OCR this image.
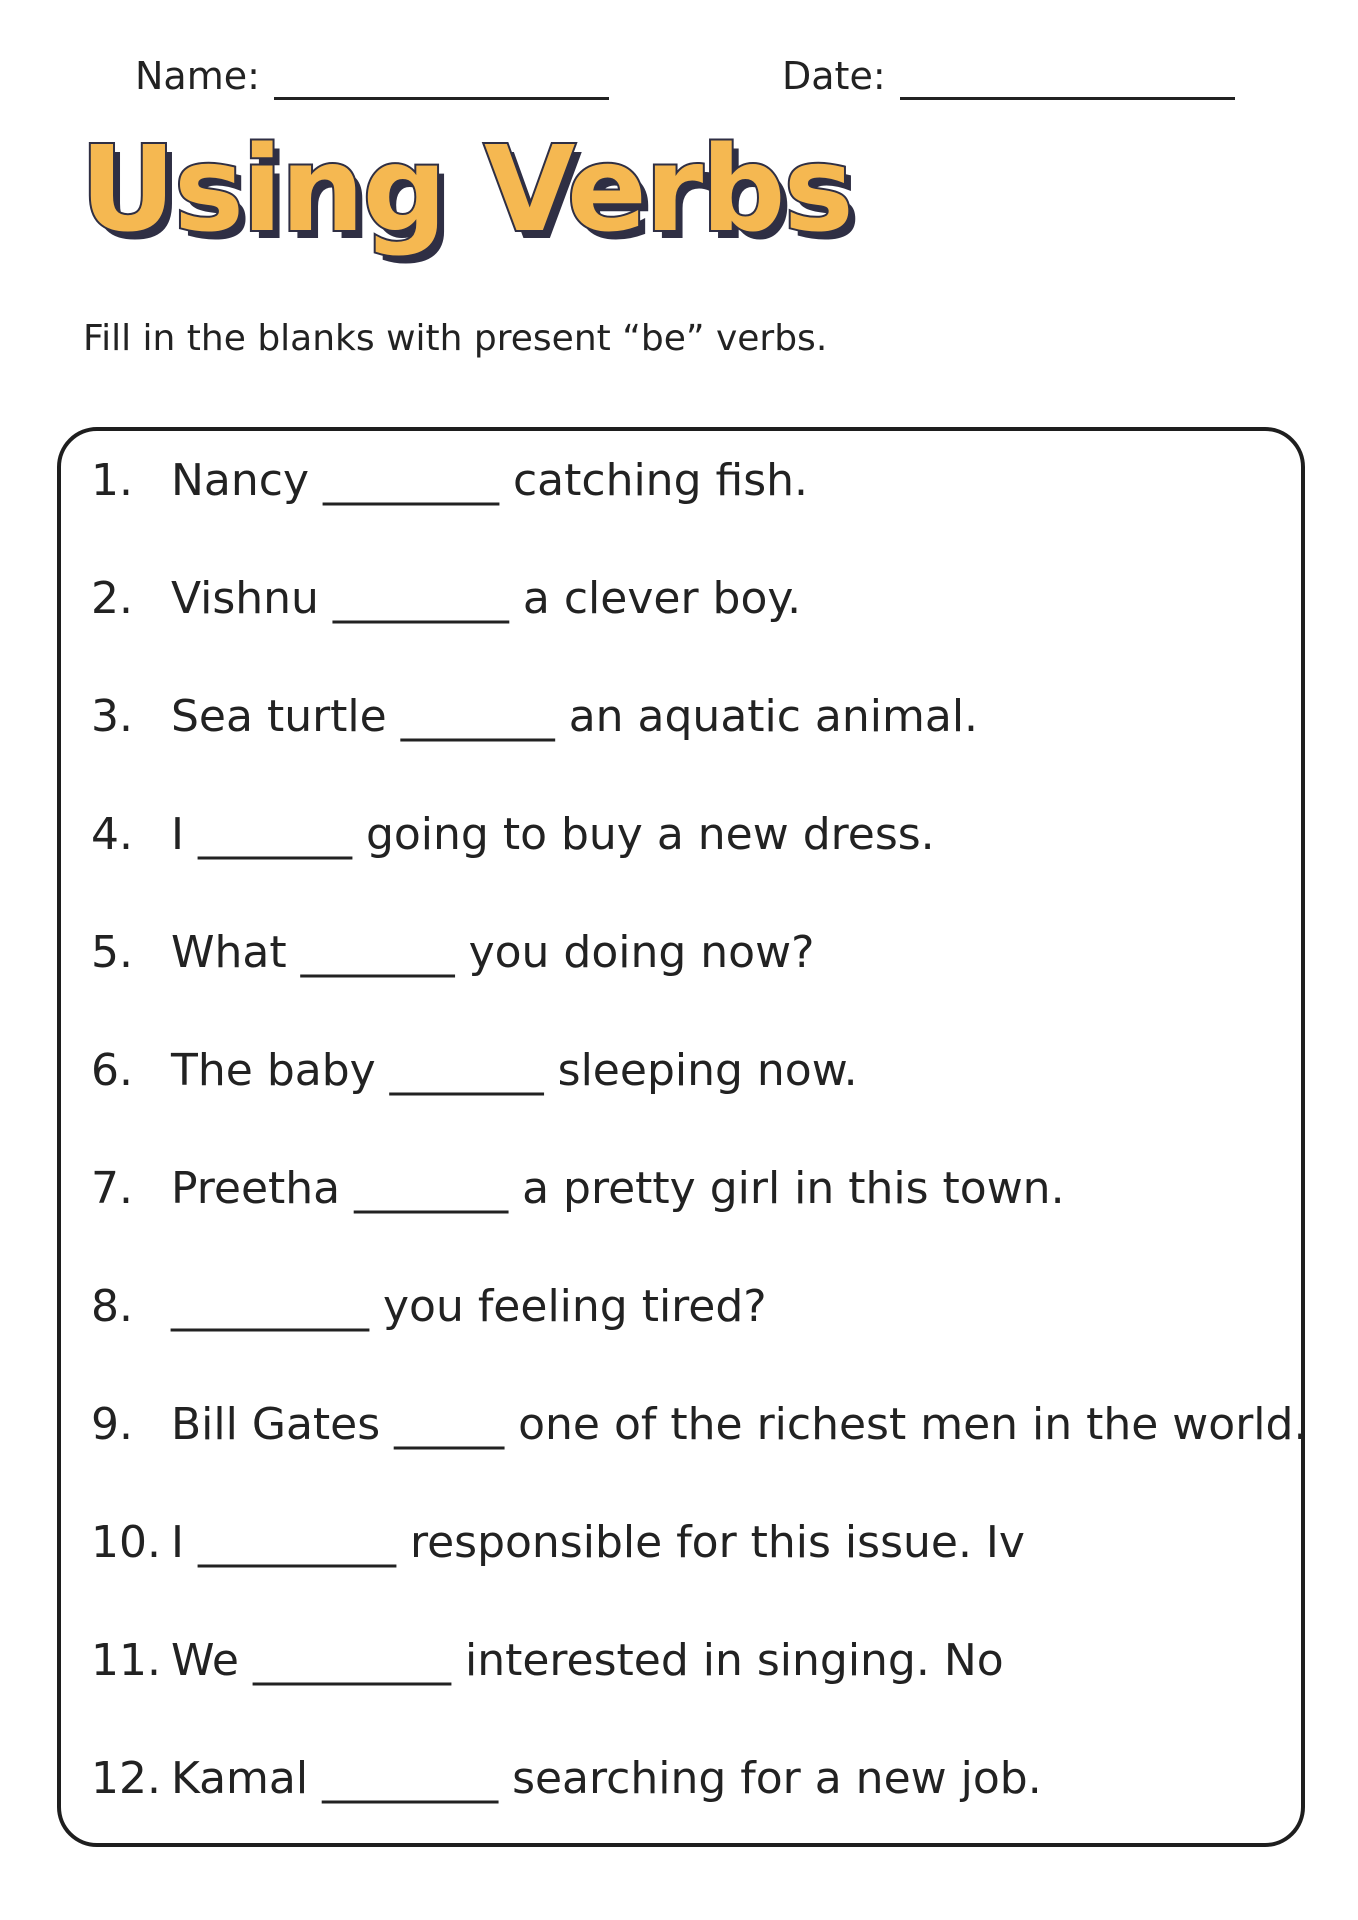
Name:	Date:
Using Verbs
Fill in the blanks with present “be” verbs.
1. Nancy ________ catching fish.
2. Vishnu ________ a clever boy.
3. Sea turtle _______ an aquatic animal.
4. I _______ going to buy a new dress.
5. What _______ you doing now?
6. The baby _______ sleeping now.
7. Preetha _______ a pretty girl in this town.
8. _________ you feeling tired?
9. Bill Gates _____ one of the richest men in the world.
10. I _________ responsible for this issue. Iv
11. We _________ interested in singing. No
12. Kamal ________ searching for a new job.
